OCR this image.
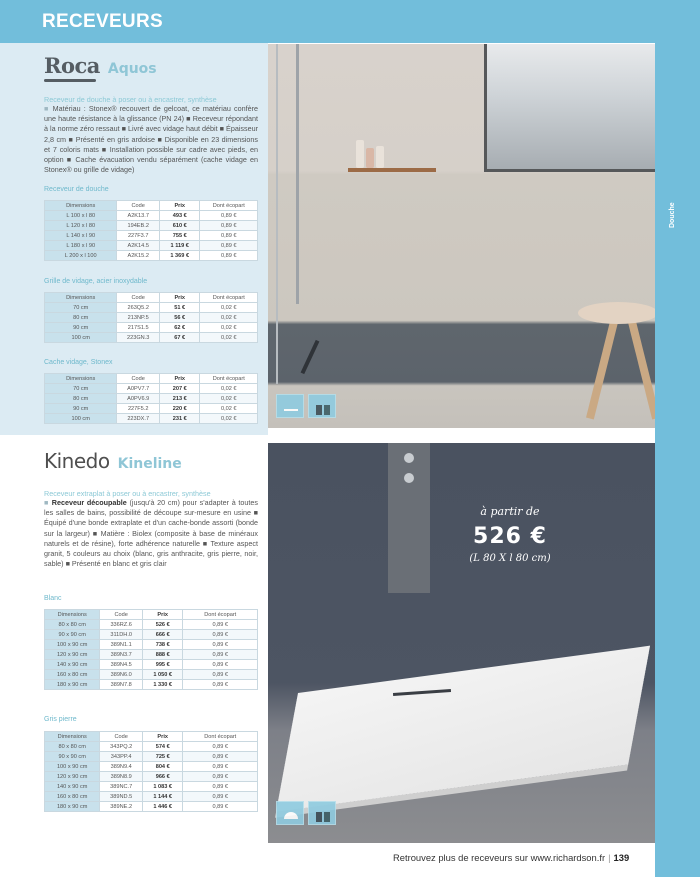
RECEVEURS
Douche
Roca Aquos
Receveur de douche à poser ou à encastrer, synthèse
■ Matériau : Stonex® recouvert de gelcoat, ce matériau confère une haute résistance à la glissance (PN 24) ■ Receveur répondant à la norme zéro ressaut ■ Livré avec vidage haut débit ■ Épaisseur 2,8 cm ■ Présenté en gris ardoise ■ Disponible en 23 dimensions et 7 coloris mats ■ Installation possible sur cadre avec pieds, en option ■ Cache évacuation vendu séparément (cache vidage en Stonex® ou grille de vidage)
Receveur de douche
Dimensions	Code	Prix	Dont écopart
L 100 x l 80	A2K13.7	493 €	0,89 €
L 120 x l 80	194EB.2	610 €	0,89 €
L 140 x l 90	227F3.7	755 €	0,89 €
L 180 x l 90	A2K14.5	1 119 €	0,89 €
L 200 x l 100	A2K15.2	1 369 €	0,89 €
Grille de vidage, acier inoxydable
Dimensions	Code	Prix	Dont écopart
70 cm	263Q5.2	51 €	0,02 €
80 cm	213NP.5	56 €	0,02 €
90 cm	217S1.5	62 €	0,02 €
100 cm	223GN.3	67 €	0,02 €
Cache vidage, Stonex
Dimensions	Code	Prix	Dont écopart
70 cm	A0PV7.7	207 €	0,02 €
80 cm	A0PV6.9	213 €	0,02 €
90 cm	227F5.2	220 €	0,02 €
100 cm	223DX.7	231 €	0,02 €
Kinedo Kineline
Receveur extraplat à poser ou à encastrer, synthèse
■ Receveur découpable (jusqu'à 20 cm) pour s'adapter à toutes les salles de bains, possibilité de découpe sur-mesure en usine ■ Équipé d'une bonde extraplate et d'un cache-bonde assorti (bonde sur la largeur) ■ Matière : Biolex (composite à base de minéraux naturels et de résine), forte adhérence naturelle ■ Texture aspect granit, 5 couleurs au choix (blanc, gris anthracite, gris pierre, noir, sable) ■ Présenté en blanc et gris clair
Blanc
Dimensions	Code	Prix	Dont écopart
80 x 80 cm	336RZ.6	526 €	0,89 €
90 x 90 cm	311DH.0	666 €	0,89 €
100 x 90 cm	389N1.1	738 €	0,89 €
120 x 90 cm	389N3.7	888 €	0,89 €
140 x 90 cm	389N4.5	995 €	0,89 €
160 x 80 cm	389N6.0	1 050 €	0,89 €
180 x 90 cm	389N7.8	1 330 €	0,89 €
Gris pierre
Dimensions	Code	Prix	Dont écopart
80 x 80 cm	343PQ.2	574 €	0,89 €
90 x 90 cm	343PP.4	725 €	0,89 €
100 x 90 cm	389N9.4	804 €	0,89 €
120 x 90 cm	389N8.9	966 €	0,89 €
140 x 90 cm	389NC.7	1 083 €	0,89 €
160 x 80 cm	389ND.5	1 144 €	0,89 €
180 x 90 cm	389NE.2	1 446 €	0,89 €
à partir de
526 €
(L 80 X l 80 cm)
Retrouvez plus de receveurs sur www.richardson.fr | 139
